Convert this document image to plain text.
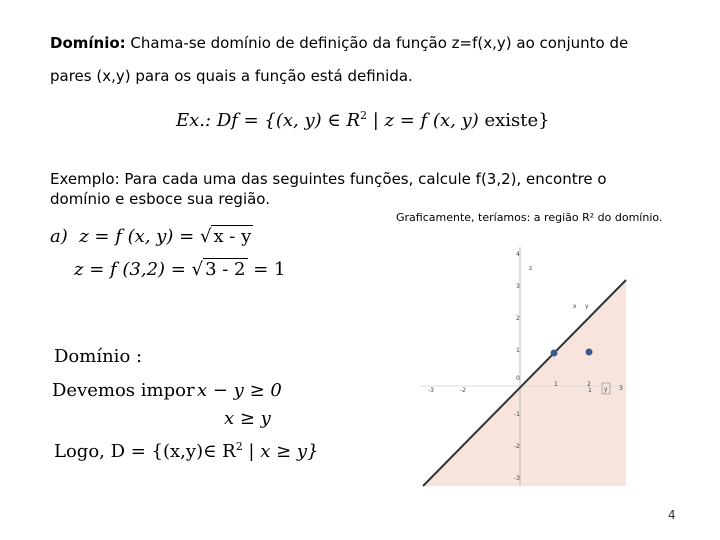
Domínio: Chama-se domínio de definição da função z=f(x,y) ao conjunto de
pares (x,y) para os quais a função está definida.
Ex.: Df = {(x, y) ∈ $R^2$ | z = f (x, y) existe}
Exemplo: Para cada uma das seguintes funções, calcule f(3,2), encontre o
domínio e esboce sua região.
Graficamente, teríamos: a região R² do domínio.
a) z = f (x, y) = √ x - y
z = f (3,2) = √ 3 - 2 = 1
Domínio :
Devemos impor x − y ≥ 0
x ≥ y
Logo, D = {(x,y)∈ $R^2$ | x ≥ y}
4
3
2
1
0
-1
-2
-3
-3	-2
1	2
3
z
x y
y
1
4
